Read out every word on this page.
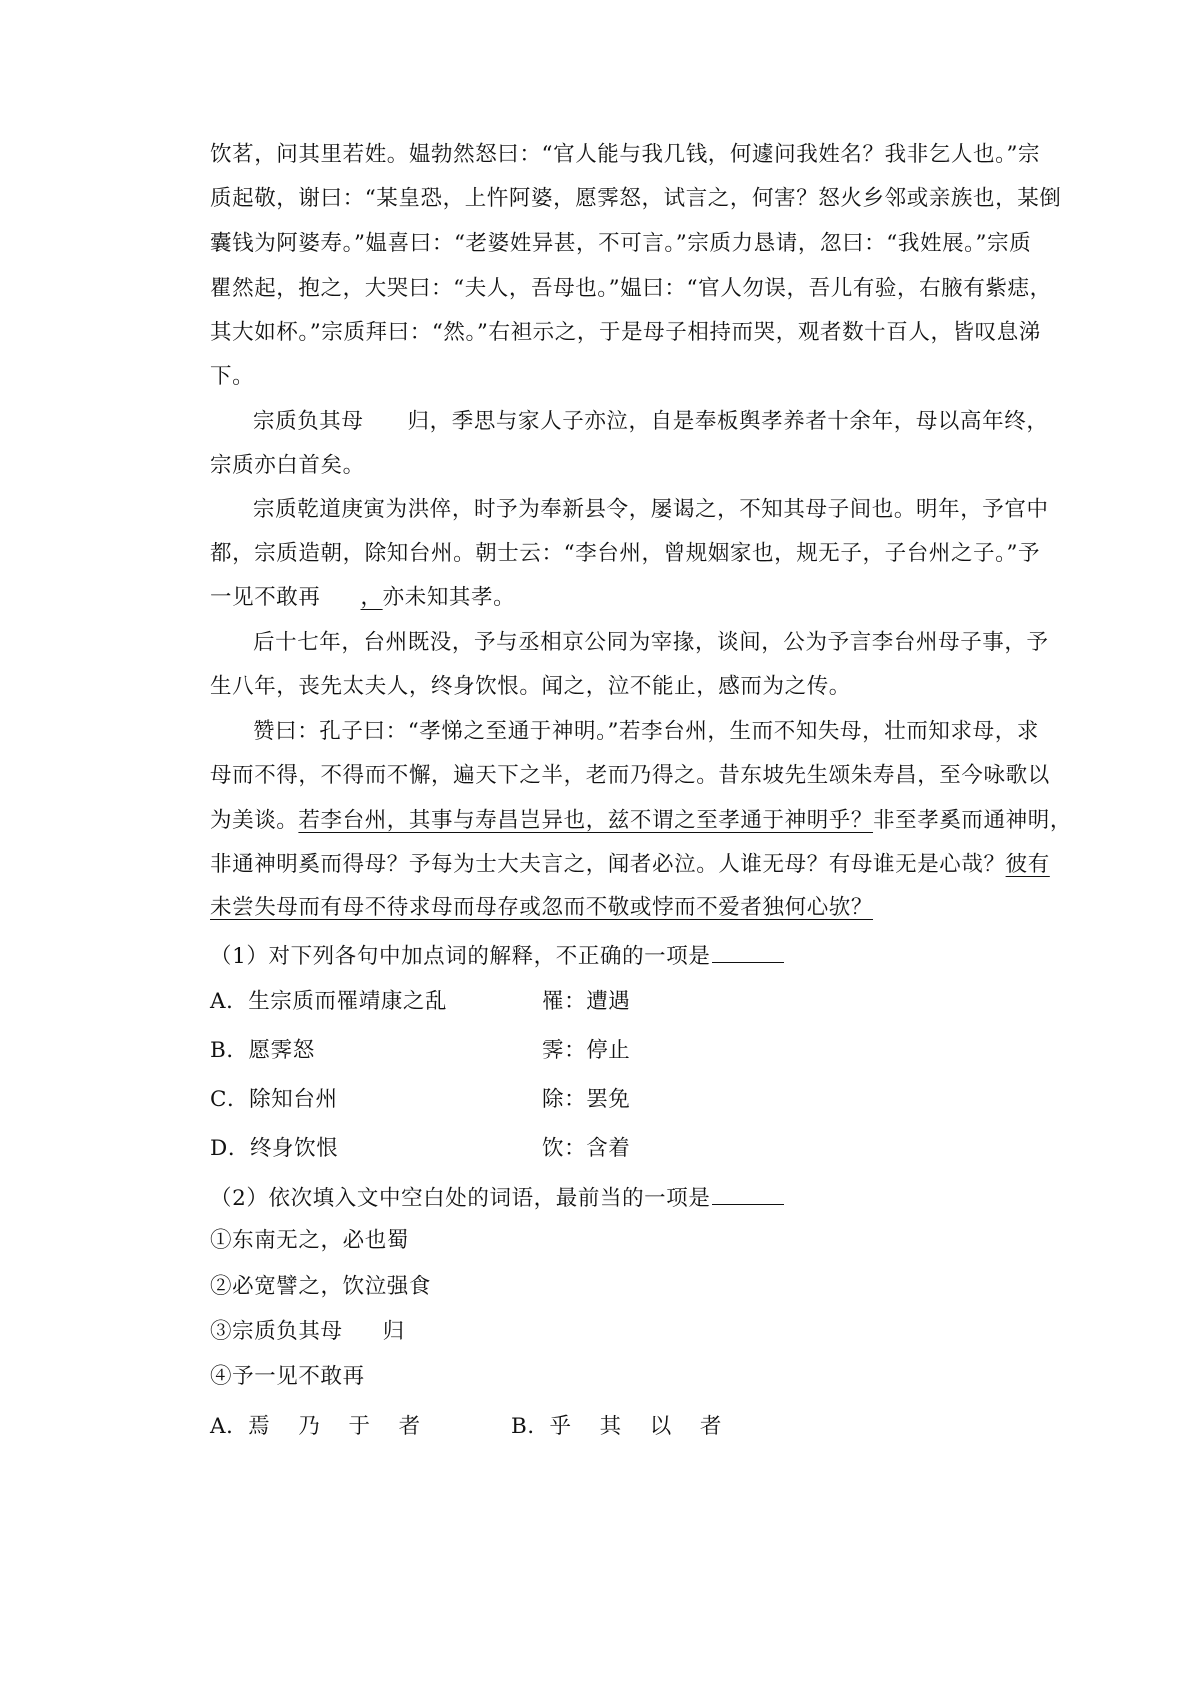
饮茗，问其里若姓。媪勃然怒曰：“官人能与我几钱，何遽问我姓名？我非乞人也。”宗
质起敬，谢曰：“某皇恐，上忤阿婆，愿霁怒，试言之，何害？怒火乡邻或亲族也，某倒
囊钱为阿婆寿。”媪喜曰：“老婆姓异甚，不可言。”宗质力恳请，忽曰：“我姓展。”宗质
瞿然起，抱之，大哭曰：“夫人，吾母也。”媪曰：“官人勿误，吾儿有验，右腋有紫痣，
其大如杯。”宗质拜曰：“然。”右袒示之，于是母子相持而哭，观者数十百人，皆叹息涕
下。
宗质负其母 归，季思与家人子亦泣，自是奉板舆孝养者十余年，母以高年终，
宗质亦白首矣。
宗质乾道庚寅为洪倅，时予为奉新县令，屡谒之，不知其母子间也。明年，予官中
都，宗质造朝，除知台州。朝士云：“李台州，曾规姻家也，规无子，子台州之子。”予
一见不敢再 ，亦未知其孝。
后十七年，台州既没，予与丞相京公同为宰掾，谈间，公为予言李台州母子事，予
生八年，丧先太夫人，终身饮恨。闻之，泣不能止，感而为之传。
赞曰：孔子曰：“孝悌之至通于神明。”若李台州，生而不知失母，壮而知求母，求
母而不得，不得而不懈，遍天下之半，老而乃得之。昔东坡先生颂朱寿昌，至今咏歌以
为美谈。若李台州，其事与寿昌岂异也，兹不谓之至孝通于神明乎？非至孝奚而通神明，
非通神明奚而得母？予每为士大夫言之，闻者必泣。人谁无母？有母谁无是心哉？彼有
未尝失母而有母不待求母而母存或忽而不敬或悖而不爱者独何心欤？
（1）对下列各句中加点词的解释，不正确的一项是
A．生宗质而罹靖康之乱	罹：遭遇
B．愿霁怒	霁：停止
C．除知台州	除：罢免
D．终身饮恨	饮：含着
（2）依次填入文中空白处的词语，最前当的一项是
①东南无之，必也蜀
②必宽譬之，饮泣强食
③宗质负其母 归
④予一见不敢再
A．焉 乃 于 者	B．乎 其 以 者
